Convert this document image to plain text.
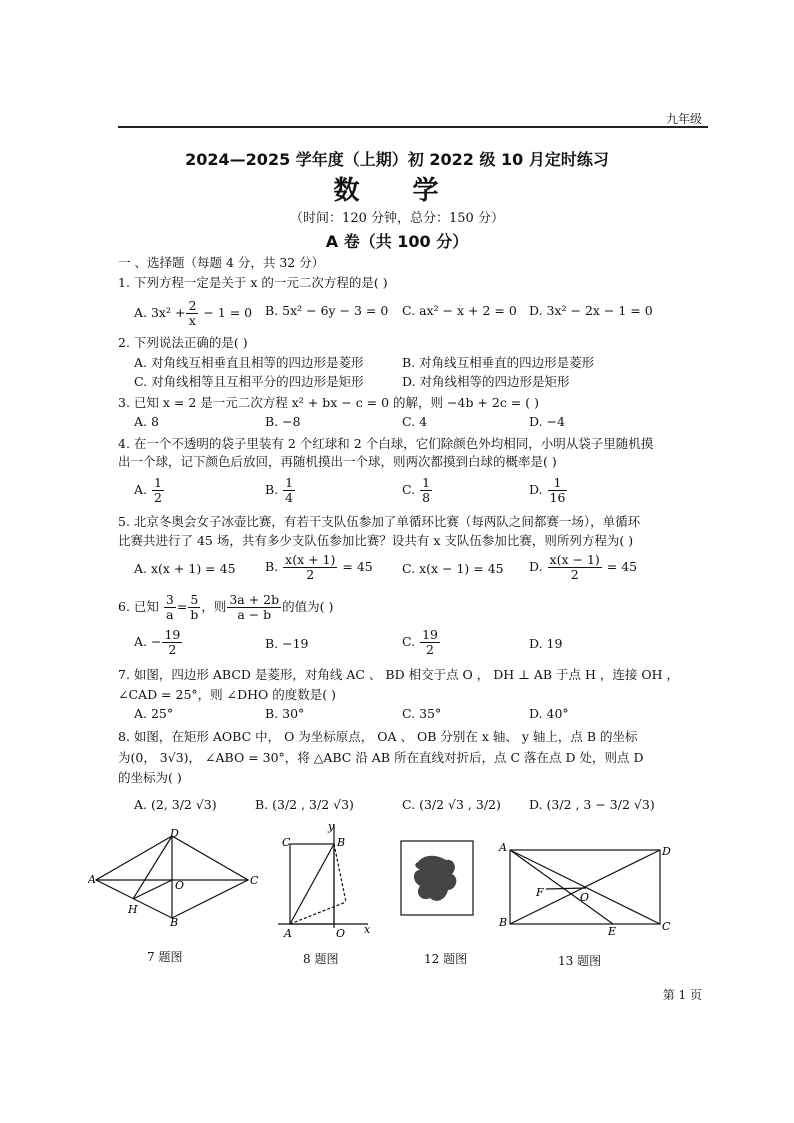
九年级
2024—2025 学年度（上期）初 2022 级 10 月定时练习
数 学
（时间：120 分钟，总分：150 分）
A 卷（共 100 分）
一 、选择题（每题 4 分，共 32 分）
1. 下列方程一定是关于 x 的一元二次方程的是( )
A. $3x^2 + \frac{2}{x} - 1 = 0$ B. 5x² − 6y − 3 = 0 C. ax² − x + 2 = 0 D. 3x² − 2x − 1 = 0
2. 下列说法正确的是( )
A. 对角线互相垂直且相等的四边形是菱形	B. 对角线互相垂直的四边形是菱形
C. 对角线相等且互相平分的四边形是矩形	D. 对角线相等的四边形是矩形
3. 已知 x = 2 是一元二次方程 x² + bx − c = 0 的解，则 −4b + 2c = ( )
A. 8	B. −8	C. 4	D. −4
4. 在一个不透明的袋子里装有 2 个红球和 2 个白球，它们除颜色外均相同，小明从袋子里随机摸
出一个球，记下颜色后放回，再随机摸出一个球，则两次都摸到白球的概率是( )
A. $\frac{1}{2}$	B. $\frac{1}{4}$	C. $\frac{1}{8}$	D. $\frac{1}{16}$
5. 北京冬奥会女子冰壶比赛，有若干支队伍参加了单循环比赛（每两队之间都赛一场），单循环
比赛共进行了 45 场，共有多少支队伍参加比赛？设共有 x 支队伍参加比赛，则所列方程为( )
A. x(x + 1) = 45 B. $\frac{x(x + 1)}{2} = 45$ C. x(x − 1) = 45 D. $\frac{x(x - 1)}{2} = 45$
6. 已知 $\frac{3}{a} = \frac{5}{b}$ ，则 $\frac{3a + 2b}{a - b}$ 的值为( )
A. − $\frac{19}{2}$	B. −19	C. $\frac{19}{2}$	D. 19
7. 如图，四边形 ABCD 是菱形，对角线 AC 、 BD 相交于点 O ， DH ⊥ AB 于点 H ，连接 OH ，
∠CAD = 25°，则 ∠DHO 的度数是( )
A. 25°	B. 30°	C. 35°	D. 40°
8. 如图，在矩形 AOBC 中， O 为坐标原点， OA 、 OB 分别在 x 轴、 y 轴上，点 B 的坐标
为(0， 3√3)， ∠ABO = 30°，将 △ABC 沿 AB 所在直线对折后，点 C 落在点 D 处，则点 D
的坐标为( )
A. (2, 3/2 √3)	B. (3/2 , 3/2 √3)	C. (3/2 √3 , 3/2) D. (3/2 , 3 − 3/2 √3)
D
A	O	C
H
B
7 题图
C	B
y
A	O x
8 题图	12 题图
A	D
F	O
B
E	C
13 题图
第 1 页
